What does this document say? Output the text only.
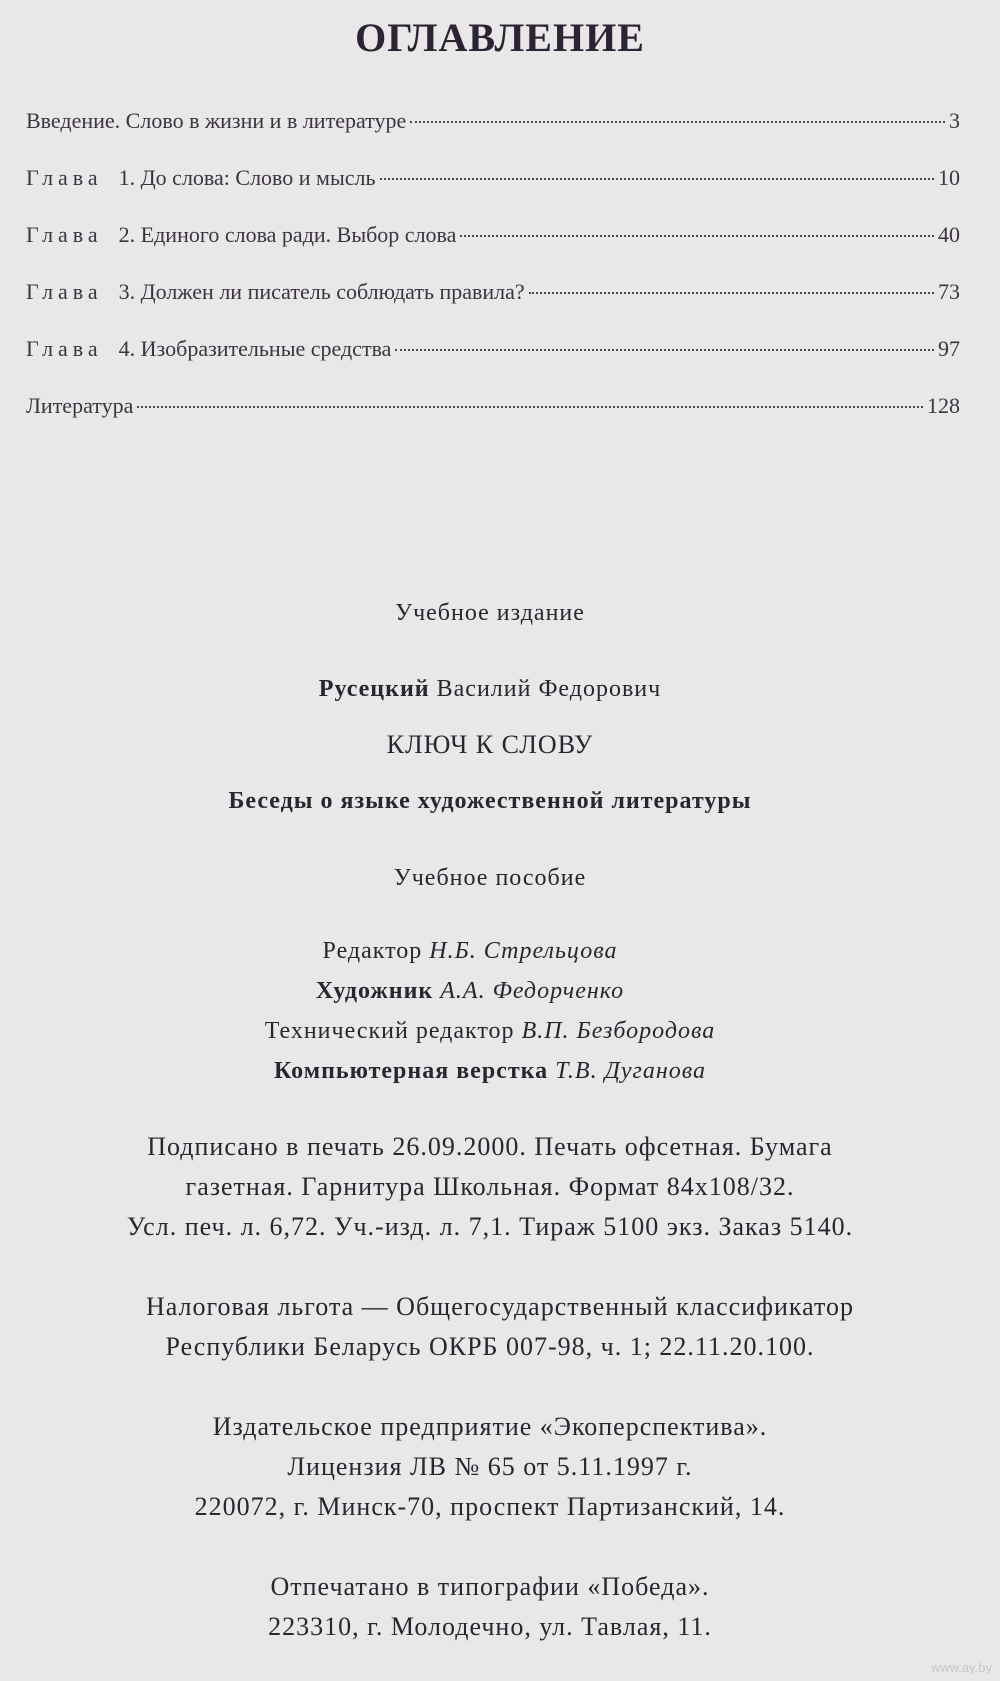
ОГЛАВЛЕНИЕ
Введение. Слово в жизни и в литературе	3
Глава 1. До слова: Слово и мысль	10
Глава 2. Единого слова ради. Выбор слова	40
Глава 3. Должен ли писатель соблюдать правила?	73
Глава 4. Изобразительные средства	97
Литература	128
Учебное издание
Русецкий Василий Федорович
КЛЮЧ К СЛОВУ
Беседы о языке художественной литературы
Учебное пособие
Редактор Н.Б. Стрельцова
Художник А.А. Федорченко
Технический редактор В.П. Безбородова
Компьютерная верстка Т.В. Дуганова
Подписано в печать 26.09.2000. Печать офсетная. Бумага
газетная. Гарнитура Школьная. Формат 84x108/32.
Усл. печ. л. 6,72. Уч.-изд. л. 7,1. Тираж 5100 экз. Заказ 5140.
Налоговая льгота — Общегосударственный классификатор
Республики Беларусь ОКРБ 007-98, ч. 1; 22.11.20.100.
Издательское предприятие «Экоперспектива».
Лицензия ЛВ № 65 от 5.11.1997 г.
220072, г. Минск-70, проспект Партизанский, 14.
Отпечатано в типографии «Победа».
223310, г. Молодечно, ул. Тавлая, 11.
www.ay.by
